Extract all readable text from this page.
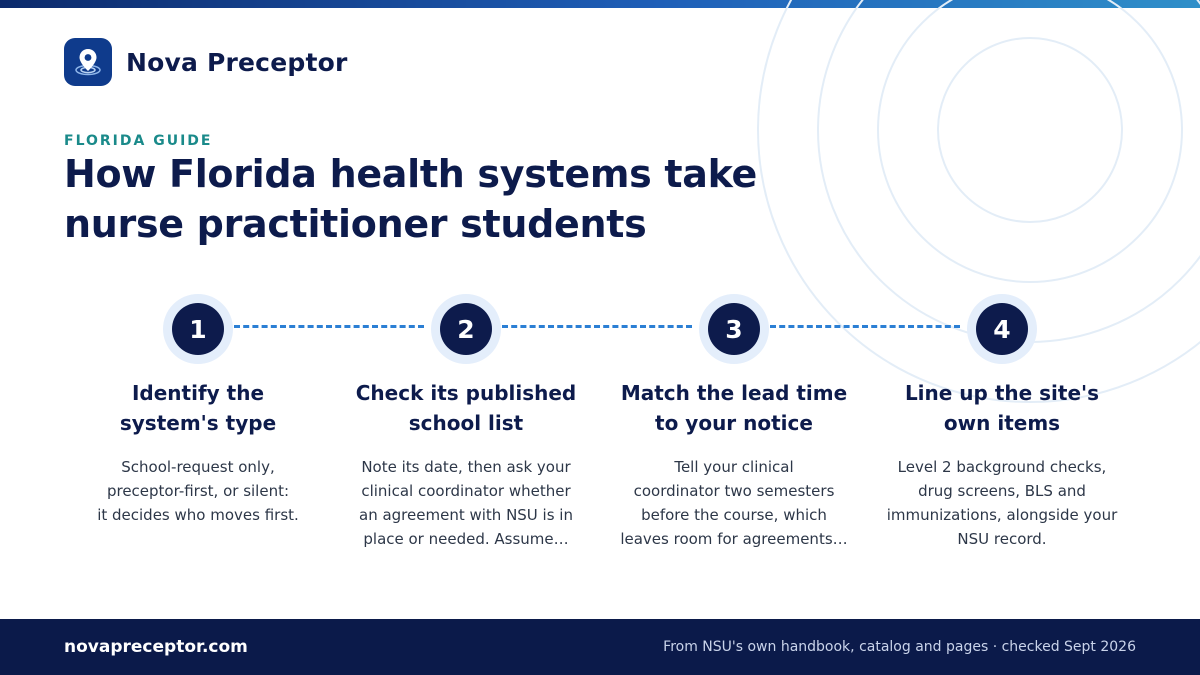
Nova Preceptor
FLORIDA GUIDE
How Florida health systems take
nurse practitioner students
1
Identify the
system's type
School-request only,
preceptor-first, or silent:
it decides who moves first.
2
Check its published
school list
Note its date, then ask your
clinical coordinator whether
an agreement with NSU is in
place or needed. Assume…
3
Match the lead time
to your notice
Tell your clinical
coordinator two semesters
before the course, which
leaves room for agreements…
4
Line up the site's
own items
Level 2 background checks,
drug screens, BLS and
immunizations, alongside your
NSU record.
novapreceptor.com	From NSU's own handbook, catalog and pages · checked Sept 2026
